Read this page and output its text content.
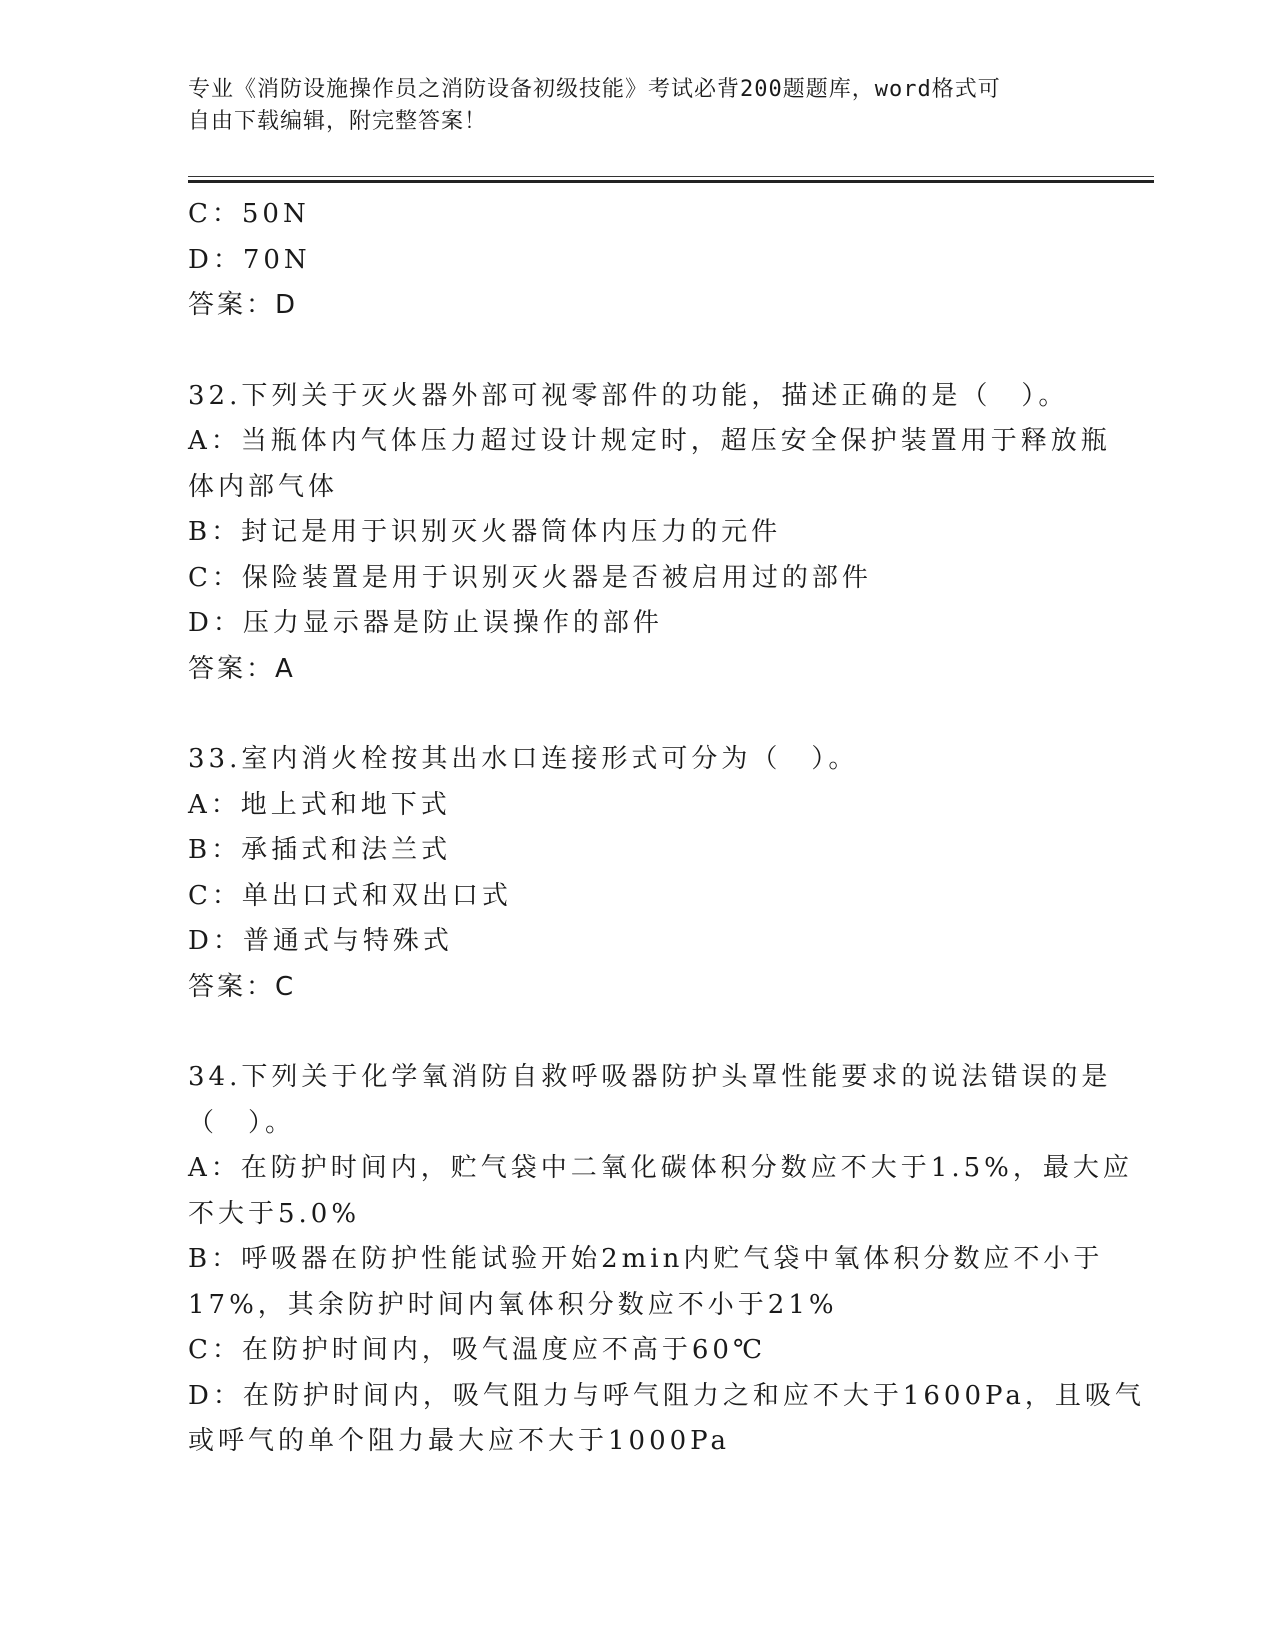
专业《消防设施操作员之消防设备初级技能》考试必背200题题库，word格式可
自由下载编辑，附完整答案！
C：50N
D：70N
答案：D
32.下列关于灭火器外部可视零部件的功能，描述正确的是（　）。
A：当瓶体内气体压力超过设计规定时，超压安全保护装置用于释放瓶
体内部气体
B：封记是用于识别灭火器筒体内压力的元件
C：保险装置是用于识别灭火器是否被启用过的部件
D：压力显示器是防止误操作的部件
答案：A
33.室内消火栓按其出水口连接形式可分为（　）。
A：地上式和地下式
B：承插式和法兰式
C：单出口式和双出口式
D：普通式与特殊式
答案：C
34.下列关于化学氧消防自救呼吸器防护头罩性能要求的说法错误的是
（　）。
A：在防护时间内，贮气袋中二氧化碳体积分数应不大于1.5%，最大应
不大于5.0%
B：呼吸器在防护性能试验开始2min内贮气袋中氧体积分数应不小于
17%，其余防护时间内氧体积分数应不小于21%
C：在防护时间内，吸气温度应不高于60℃
D：在防护时间内，吸气阻力与呼气阻力之和应不大于1600Pa，且吸气
或呼气的单个阻力最大应不大于1000Pa
